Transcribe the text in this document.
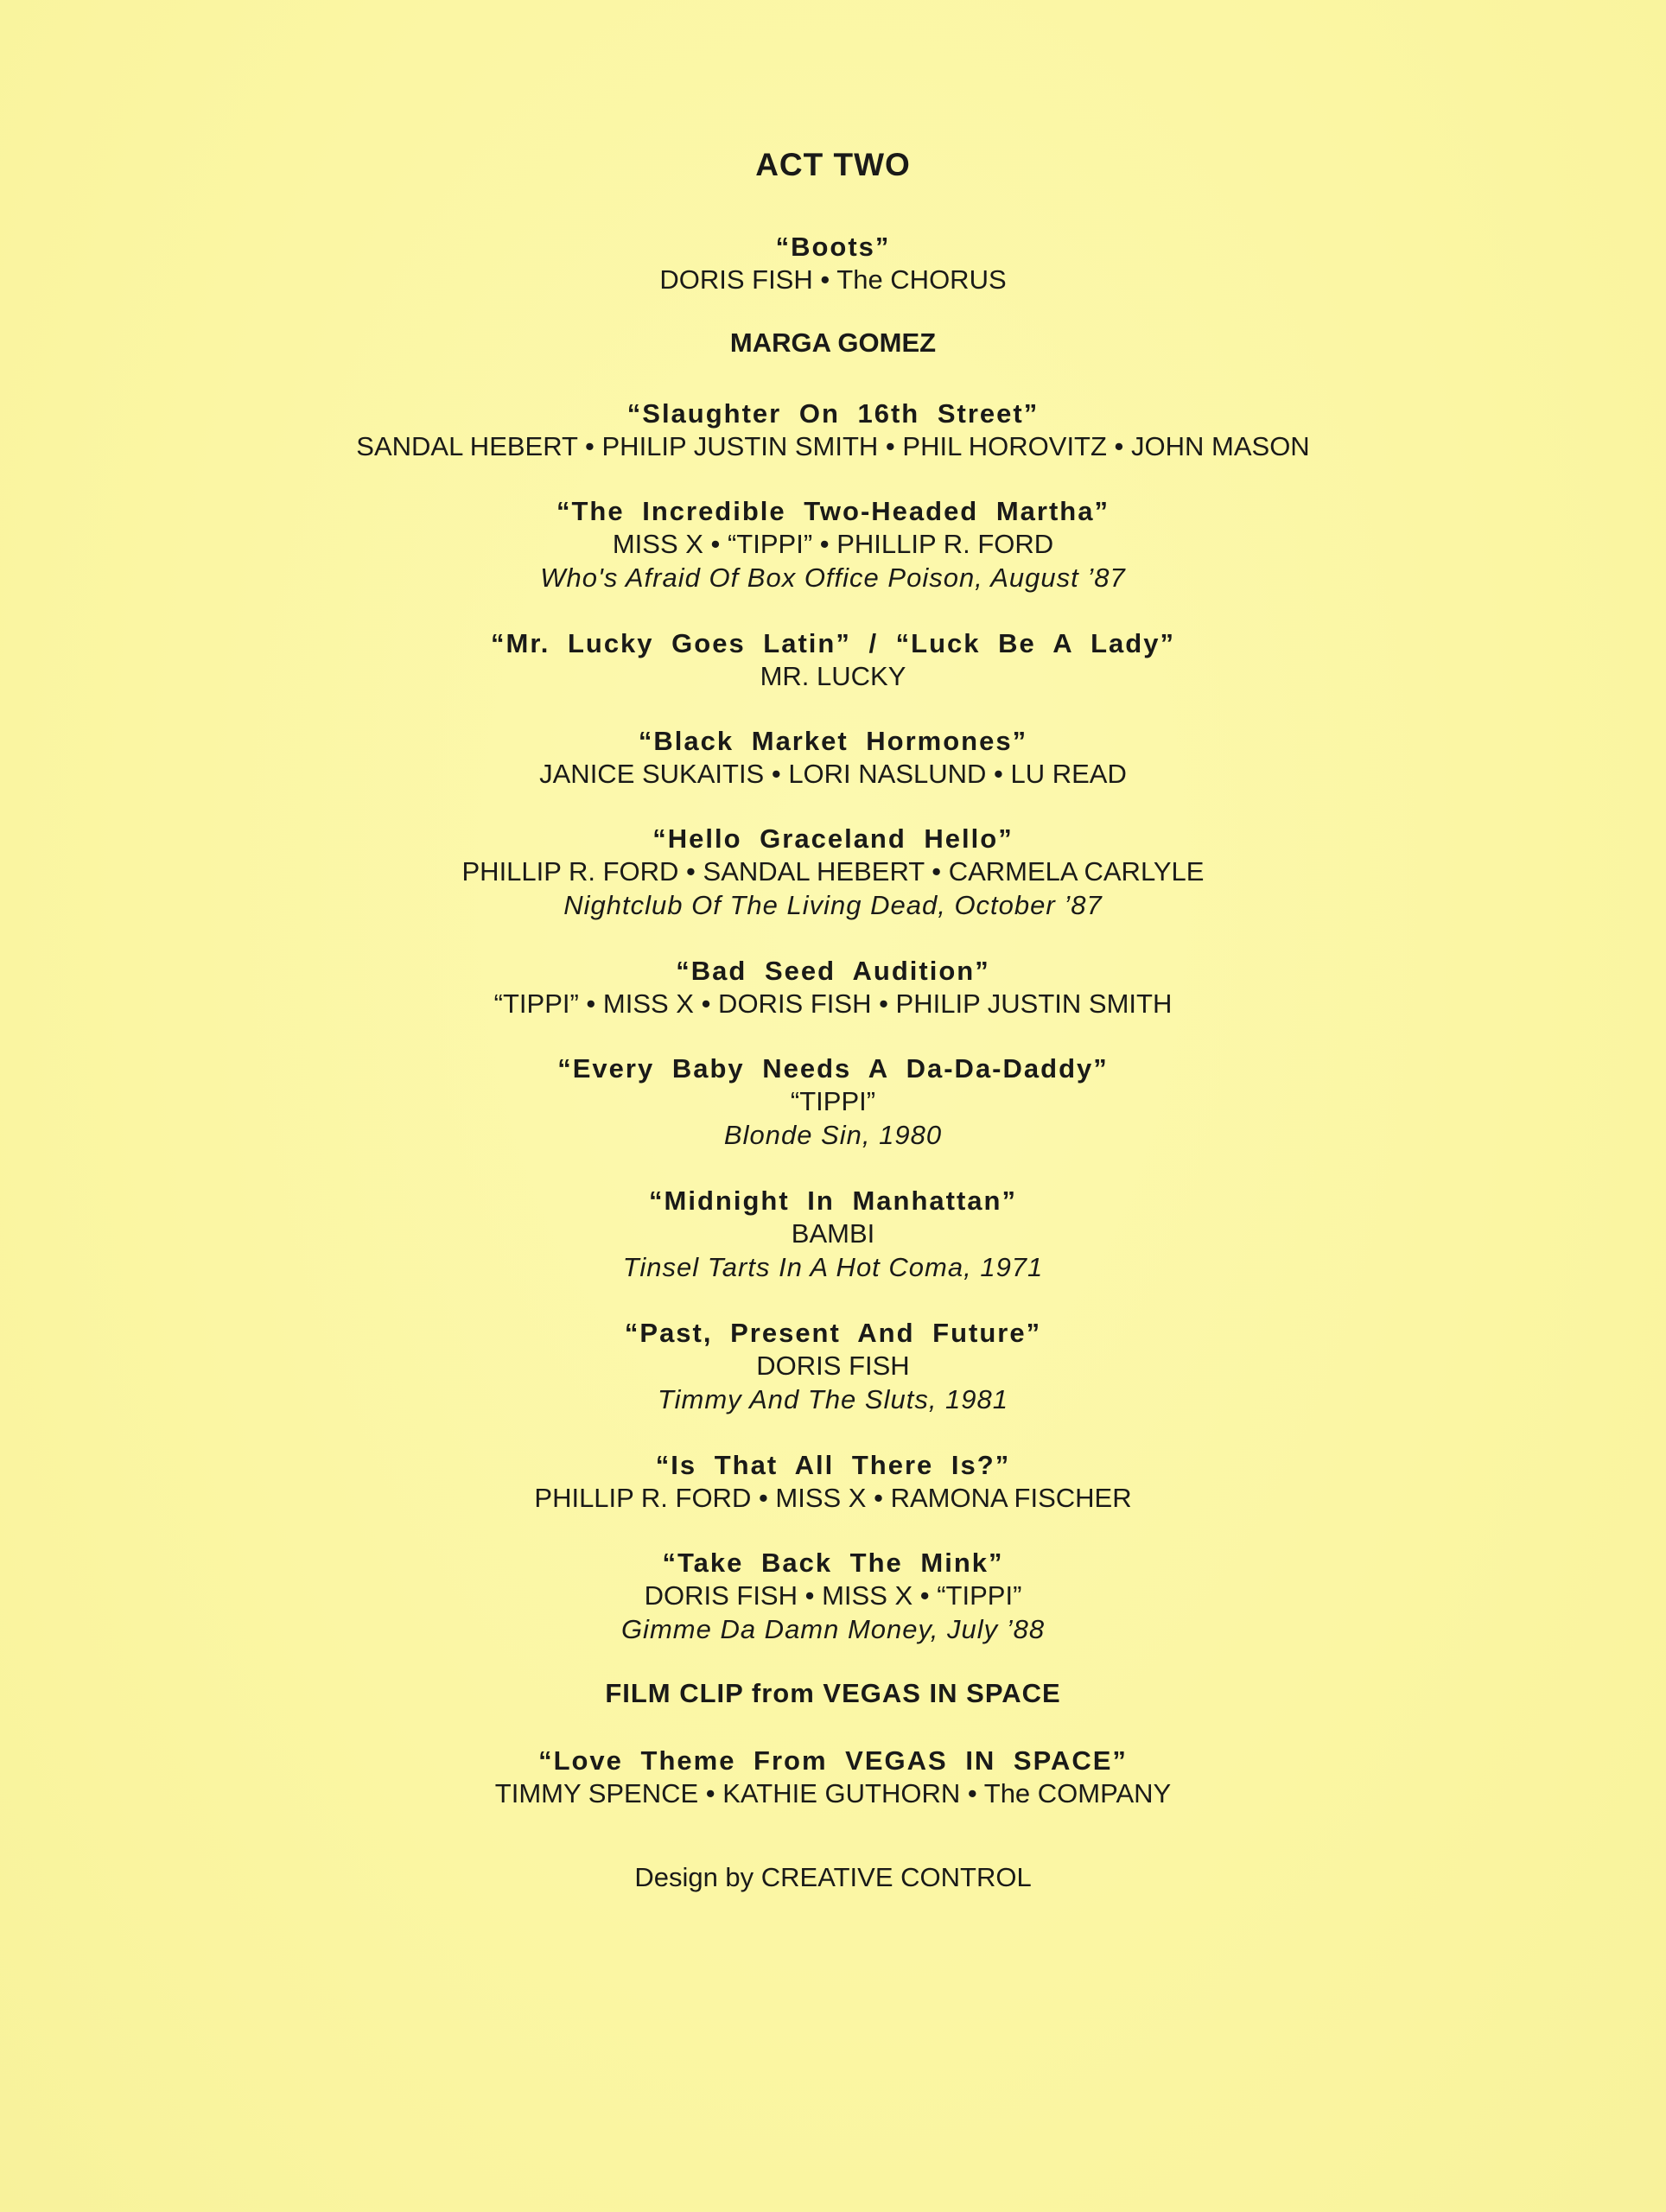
ACT TWO
“Boots”
DORIS FISH • The CHORUS
MARGA GOMEZ
“Slaughter On 16th Street”
SANDAL HEBERT • PHILIP JUSTIN SMITH • PHIL HOROVITZ • JOHN MASON
“The Incredible Two-Headed Martha”
MISS X • “TIPPI” • PHILLIP R. FORD
Who's Afraid Of Box Office Poison, August ’87
“Mr. Lucky Goes Latin” / “Luck Be A Lady”
MR. LUCKY
“Black Market Hormones”
JANICE SUKAITIS • LORI NASLUND • LU READ
“Hello Graceland Hello”
PHILLIP R. FORD • SANDAL HEBERT • CARMELA CARLYLE
Nightclub Of The Living Dead, October ’87
“Bad Seed Audition”
“TIPPI” • MISS X • DORIS FISH • PHILIP JUSTIN SMITH
“Every Baby Needs A Da-Da-Daddy”
“TIPPI”
Blonde Sin, 1980
“Midnight In Manhattan”
BAMBI
Tinsel Tarts In A Hot Coma, 1971
“Past, Present And Future”
DORIS FISH
Timmy And The Sluts, 1981
“Is That All There Is?”
PHILLIP R. FORD • MISS X • RAMONA FISCHER
“Take Back The Mink”
DORIS FISH • MISS X • “TIPPI”
Gimme Da Damn Money, July ’88
FILM CLIP from VEGAS IN SPACE
“Love Theme From VEGAS IN SPACE”
TIMMY SPENCE • KATHIE GUTHORN • The COMPANY
Design by CREATIVE CONTROL
